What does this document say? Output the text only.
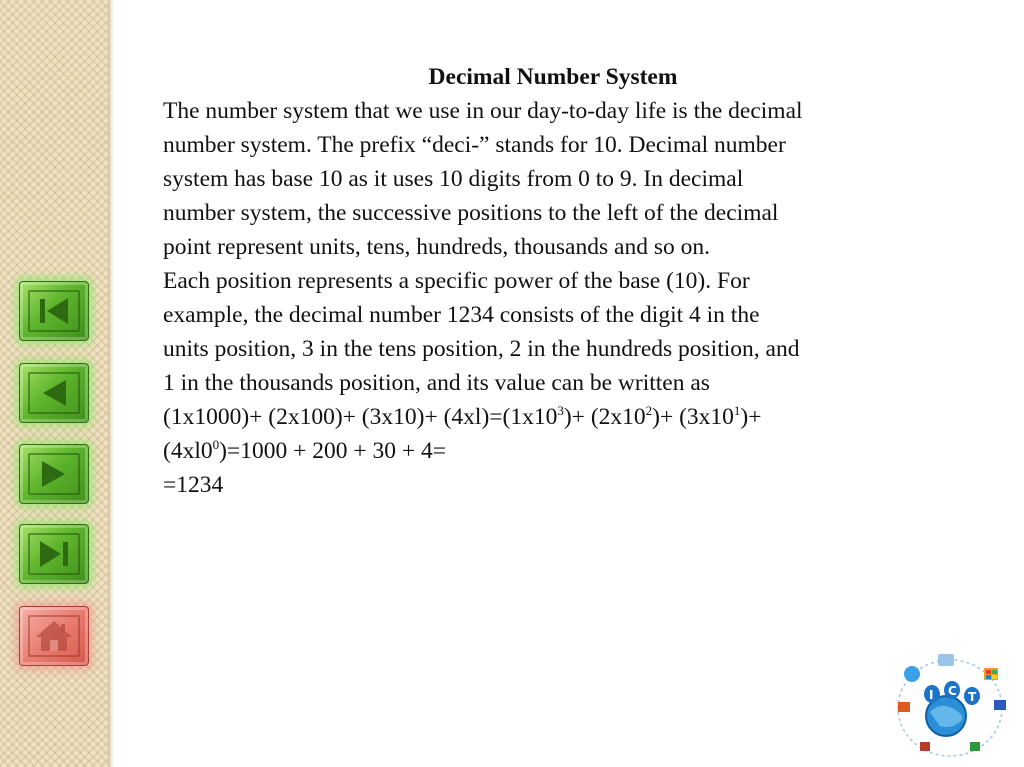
Decimal Number System
The number system that we use in our day-to-day life is the decimal
number system. The prefix “deci-” stands for 10. Decimal number
system has base 10 as it uses 10 digits from 0 to 9. In decimal
number system, the successive positions to the left of the decimal
point represent units, tens, hundreds, thousands and so on.
Each position represents a specific power of the base (10). For
example, the decimal number 1234 consists of the digit 4 in the
units position, 3 in the tens position, 2 in the hundreds position, and
1 in the thousands position, and its value can be written as
$(1x1000)+ (2x100)+ (3x10)+ (4xl)=(1x10^3)+ (2x10^2)+ (3x10^1)+$
$(4xl0^0)=1000 + 200 + 30 + 4=$
=1234
I C T
